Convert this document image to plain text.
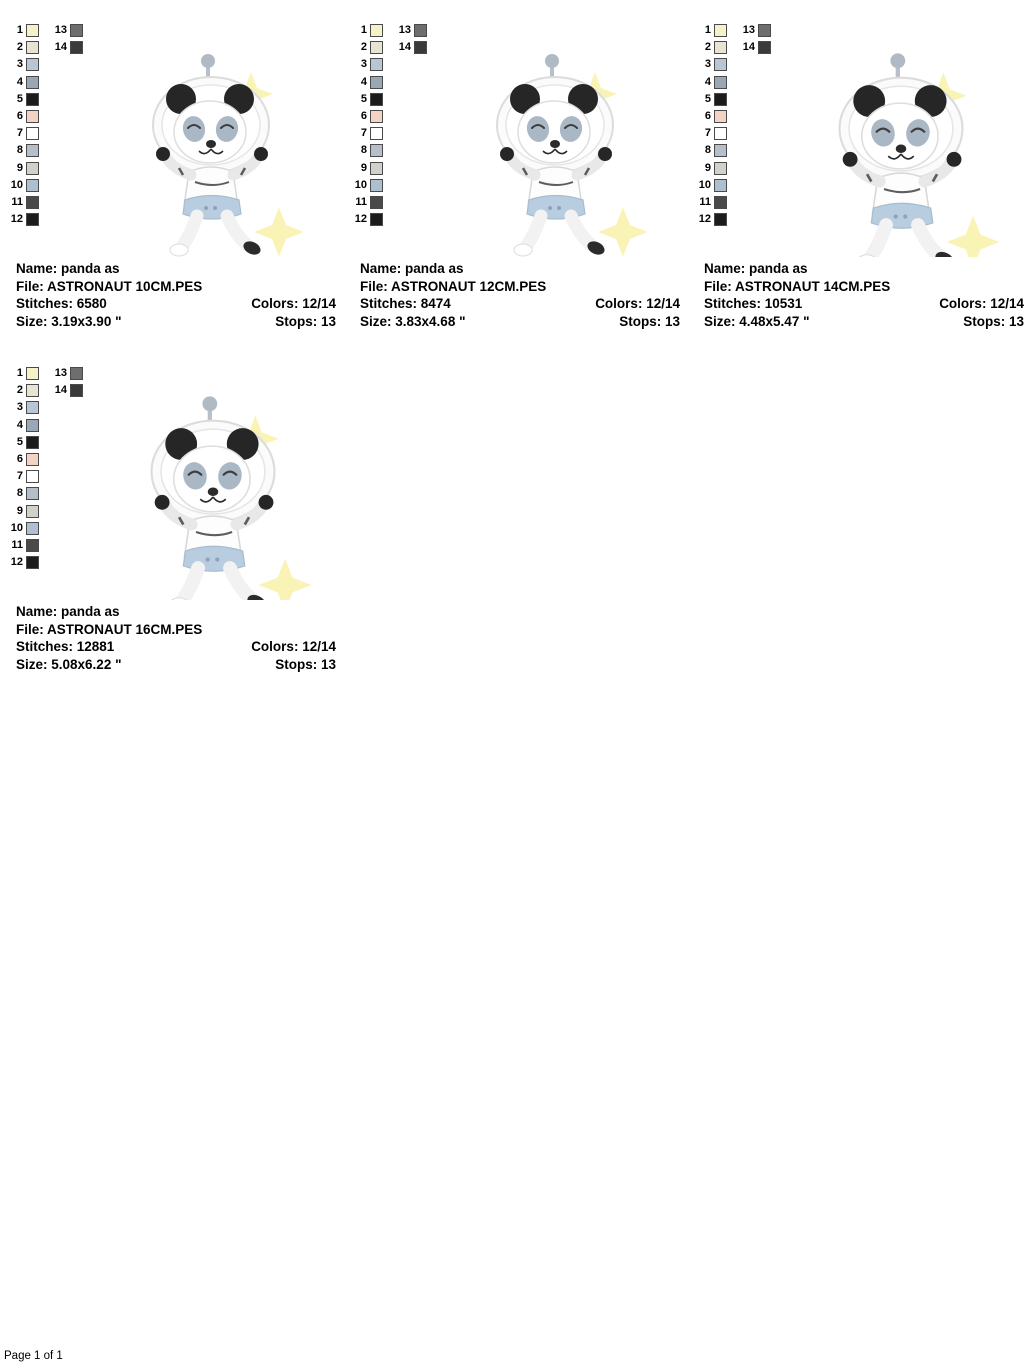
1
2
3
4
5
6
7
8
9
10
11
12
13
14
Name: panda as
File: ASTRONAUT 10CM.PES
Stitches: 6580	Colors: 12/14
Size: 3.19x3.90 "	Stops: 13
1
2
3
4
5
6
7
8
9
10
11
12
13
14
Name: panda as
File: ASTRONAUT 12CM.PES
Stitches: 8474	Colors: 12/14
Size: 3.83x4.68 "	Stops: 13
1
2
3
4
5
6
7
8
9
10
11
12
13
14
Name: panda as
File: ASTRONAUT 14CM.PES
Stitches: 10531	Colors: 12/14
Size: 4.48x5.47 "	Stops: 13
1
2
3
4
5
6
7
8
9
10
11
12
13
14
Name: panda as
File: ASTRONAUT 16CM.PES
Stitches: 12881	Colors: 12/14
Size: 5.08x6.22 "	Stops: 13
Page 1 of 1
